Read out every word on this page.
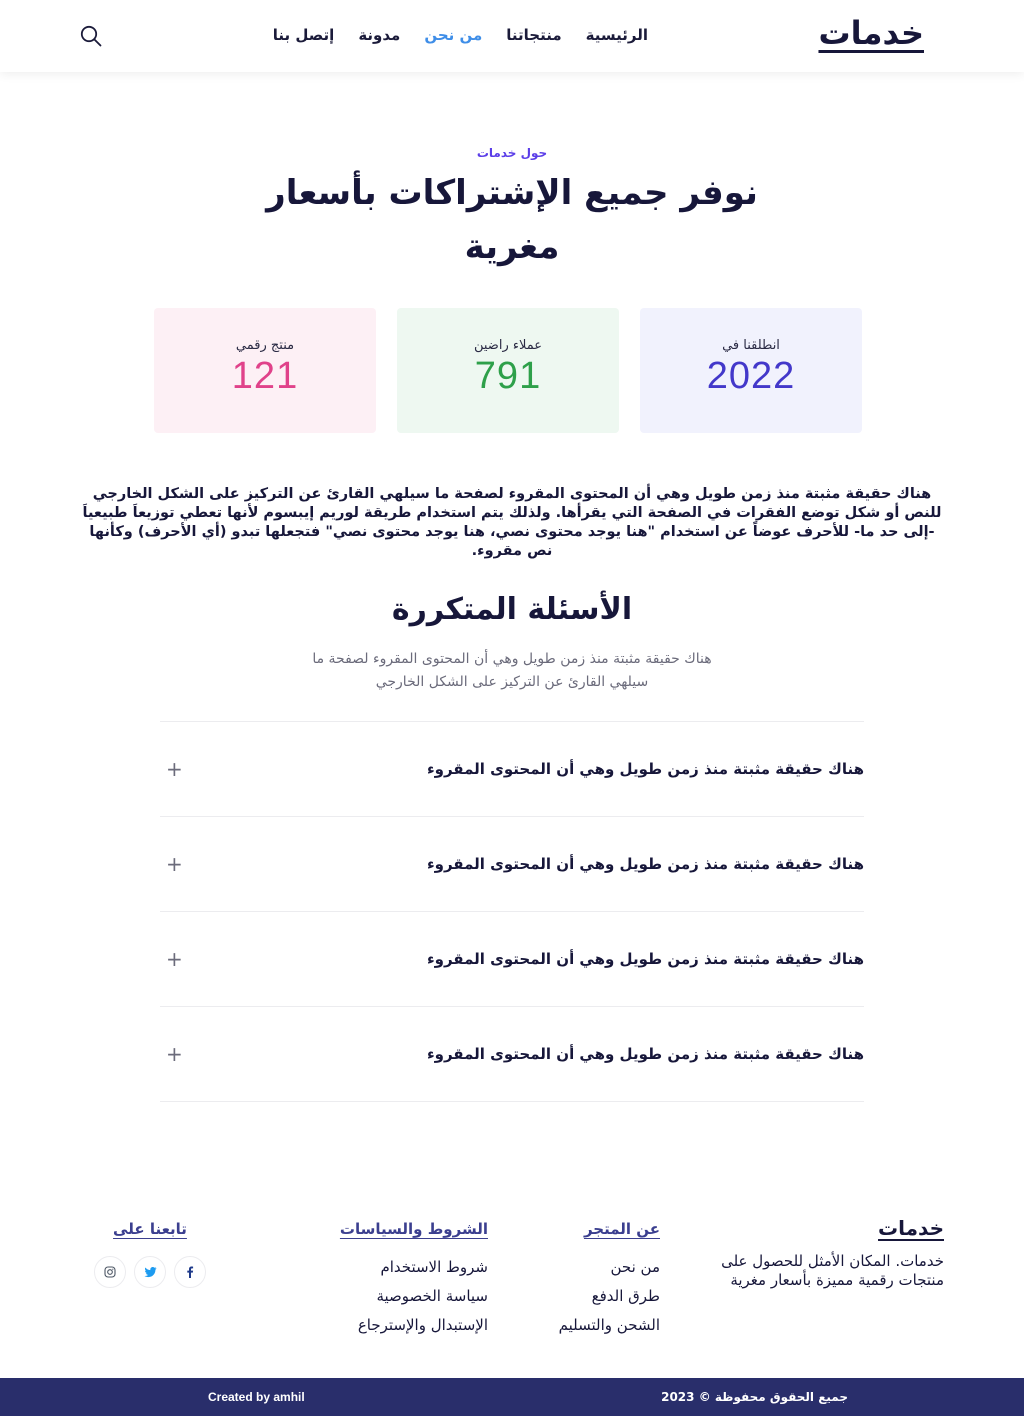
خدمات
الرئيسية
منتجاتنا
من نحن
مدونة
إتصل بنا
حول خدمات
نوفر جميع الإشتراكات بأسعار مغرية
انطلقنا في
2022
عملاء راضين
791
منتج رقمي
121

هناك حقيقة مثبتة منذ زمن طويل وهي أن المحتوى المقروء لصفحة ما سيلهي القارئ عن التركيز على الشكل الخارجي للنص أو شكل توضع الفقرات في الصفحة التي يقرأها. ولذلك يتم استخدام طريقة لوريم إيبسوم لأنها تعطي توزيعاَ طبيعياَ -إلى حد ما- للأحرف عوضاً عن استخدام "هنا يوجد محتوى نصي، هنا يوجد محتوى نصي" فتجعلها تبدو (أي الأحرف) وكأنها نص مقروء.

الأسئلة المتكررة

هناك حقيقة مثبتة منذ زمن طويل وهي أن المحتوى المقروء لصفحة ما سيلهي القارئ عن التركيز على الشكل الخارجي

هناك حقيقة مثبتة منذ زمن طويل وهي أن المحتوى المقروء
+
هناك حقيقة مثبتة منذ زمن طويل وهي أن المحتوى المقروء
+
هناك حقيقة مثبتة منذ زمن طويل وهي أن المحتوى المقروء
+
هناك حقيقة مثبتة منذ زمن طويل وهي أن المحتوى المقروء
+
خدمات

خدمات. المكان الأمثل للحصول على منتجات رقمية مميزة بأسعار مغرية

عن المتجر
من نحن
طرق الدفع
الشحن والتسليم
الشروط والسياسات
شروط الاستخدام
سياسة الخصوصية
الإستبدال والإسترجاع
تابعنا على
جميع الحقوق محفوظة © 2023
Created by amhil
